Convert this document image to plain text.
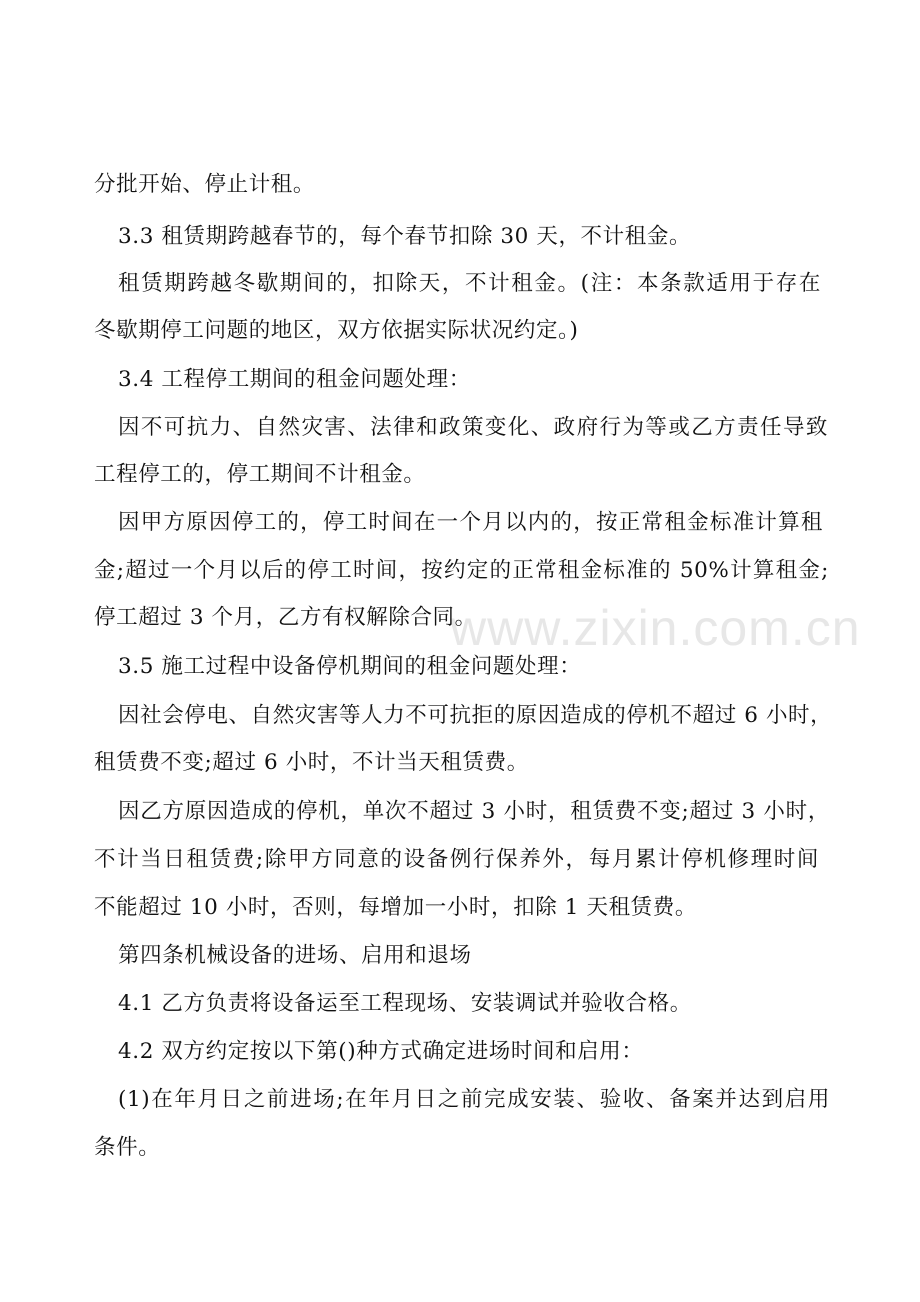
www.zixin.com.cn
分批开始、停止计租。
3.3 租赁期跨越春节的，每个春节扣除 30 天，不计租金。
租赁期跨越冬歇期间的，扣除天，不计租金。(注：本条款适用于存在
冬歇期停工问题的地区，双方依据实际状况约定。)
3.4 工程停工期间的租金问题处理：
因不可抗力、自然灾害、法律和政策变化、政府行为等或乙方责任导致
工程停工的，停工期间不计租金。
因甲方原因停工的，停工时间在一个月以内的，按正常租金标准计算租
金;超过一个月以后的停工时间，按约定的正常租金标准的 50%计算租金;
停工超过 3 个月，乙方有权解除合同。
3.5 施工过程中设备停机期间的租金问题处理：
因社会停电、自然灾害等人力不可抗拒的原因造成的停机不超过 6 小时，
租赁费不变;超过 6 小时，不计当天租赁费。
因乙方原因造成的停机，单次不超过 3 小时，租赁费不变;超过 3 小时，
不计当日租赁费;除甲方同意的设备例行保养外，每月累计停机修理时间
不能超过 10 小时，否则，每增加一小时，扣除 1 天租赁费。
第四条机械设备的进场、启用和退场
4.1 乙方负责将设备运至工程现场、安装调试并验收合格。
4.2 双方约定按以下第()种方式确定进场时间和启用：
(1)在年月日之前进场;在年月日之前完成安装、验收、备案并达到启用
条件。
